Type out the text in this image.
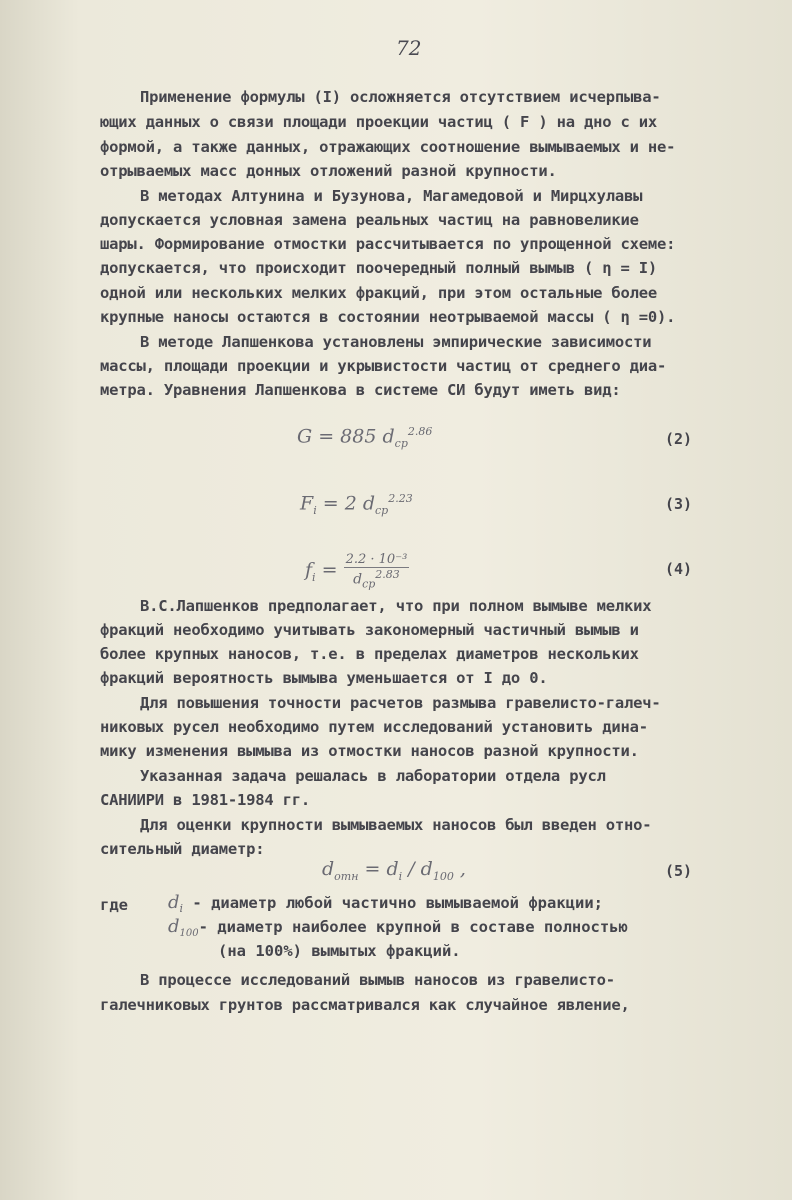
72
Применение формулы (I) осложняется отсутствием исчерпыва-
ющих данных о связи площади проекции частиц ( F ) на дно с их
формой, а также данных, отражающих соотношение вымываемых и не-
отрываемых масс донных отложений разной крупности.
В методах Алтунина и Бузунова, Магамедовой и Мирцхулавы
допускается условная замена реальных частиц на равновеликие
шары. Формирование отмостки рассчитывается по упрощенной схеме:
допускается, что происходит поочередный полный вымыв ( η = I)
одной или нескольких мелких фракций, при этом остальные более
крупные наносы остаются в состоянии неотрываемой массы ( η =0).
В методе Лапшенкова установлены эмпирические зависимости
массы, площади проекции и укрывистости частиц от среднего диа-
метра. Уравнения Лапшенкова в системе СИ будут иметь вид:
G = 885 $d_{ср}^{2.86}$	(2)
$F_i = 2$ $d_{ср}^{2.23}$	(3)
$f_i = \frac{\text{2.2 · 10⁻³}}{d_{ср}^{2.83}}$	(4)
В.С.Лапшенков предполагает, что при полном вымыве мелких
фракций необходимо учитывать закономерный частичный вымыв и
более крупных наносов, т.е. в пределах диаметров нескольких
фракций вероятность вымыва уменьшается от I до 0.
Для повышения точности расчетов размыва гравелисто-галеч-
никовых русел необходимо путем исследований установить дина-
мику изменения вымыва из отмостки наносов разной крупности.
Указанная задача решалась в лаборатории отдела русл
САНИИРИ в 1981-1984 гг.
Для оценки крупности вымываемых наносов был введен отно-
сительный диаметр:
$d_{отн} = d_i / d_{100}$ ,	(5)
где $d_i$ - диаметр любой частично вымываемой фракции;
$d_{100}-$ диаметр наиболее крупной в составе полностью
(на 100%) вымытых фракций.
В процессе исследований вымыв наносов из гравелисто-
галечниковых грунтов рассматривался как случайное явление,
